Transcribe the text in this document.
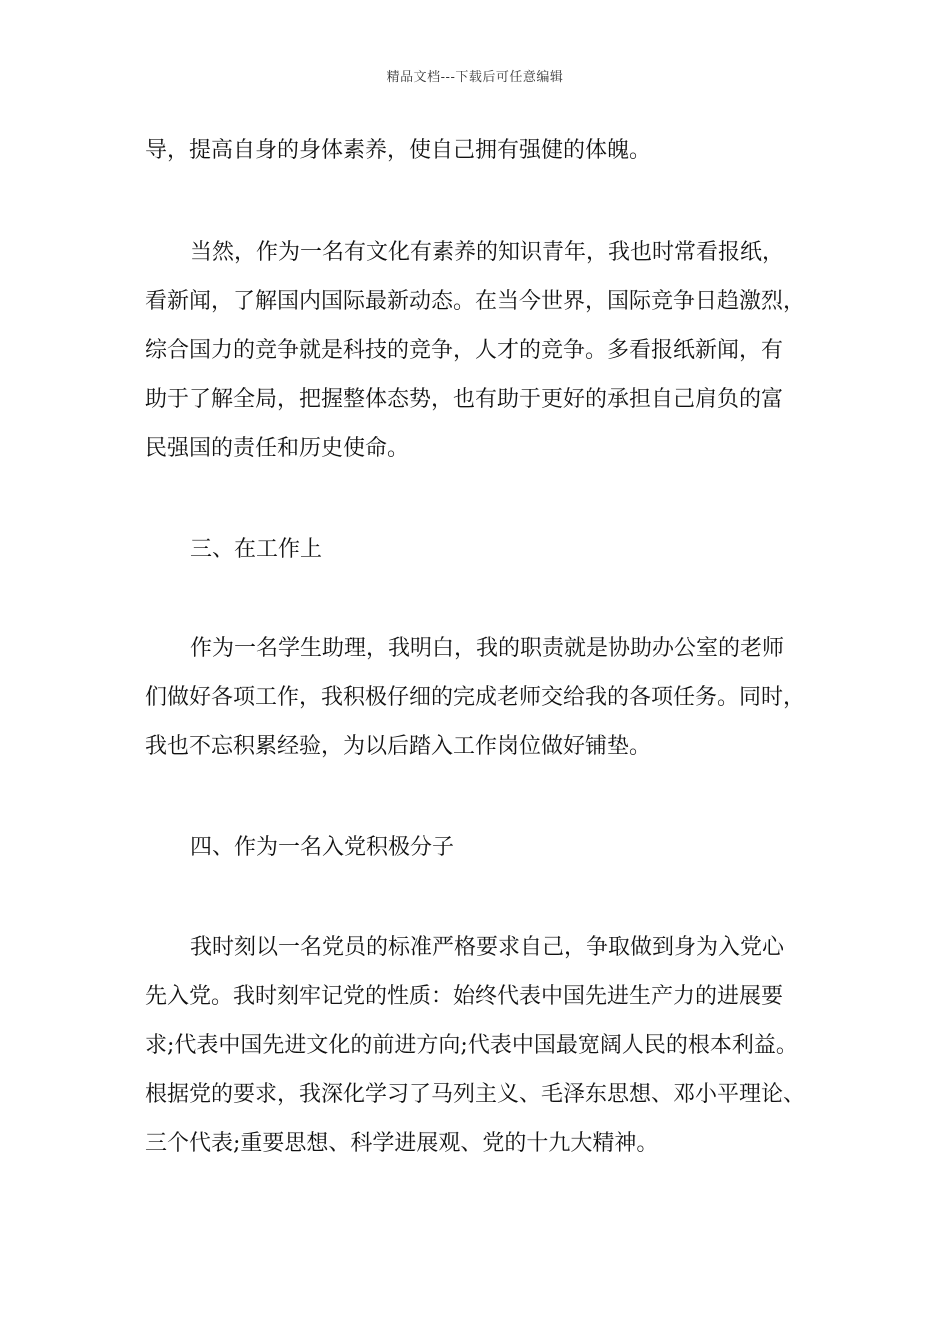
精品文档---下载后可任意编辑
导，提高自身的身体素养，使自己拥有强健的体魄。
当然，作为一名有文化有素养的知识青年，我也时常看报纸，
看新闻，了解国内国际最新动态。在当今世界，国际竞争日趋激烈，
综合国力的竞争就是科技的竞争，人才的竞争。多看报纸新闻，有
助于了解全局，把握整体态势，也有助于更好的承担自己肩负的富
民强国的责任和历史使命。
三、在工作上
作为一名学生助理，我明白，我的职责就是协助办公室的老师
们做好各项工作，我积极仔细的完成老师交给我的各项任务。同时，
我也不忘积累经验，为以后踏入工作岗位做好铺垫。
四、作为一名入党积极分子
我时刻以一名党员的标准严格要求自己，争取做到身为入党心
先入党。我时刻牢记党的性质：始终代表中国先进生产力的进展要
求;代表中国先进文化的前进方向;代表中国最宽阔人民的根本利益。
根据党的要求，我深化学习了马列主义、毛泽东思想、邓小平理论、
三个代表;重要思想、科学进展观、党的十九大精神。
